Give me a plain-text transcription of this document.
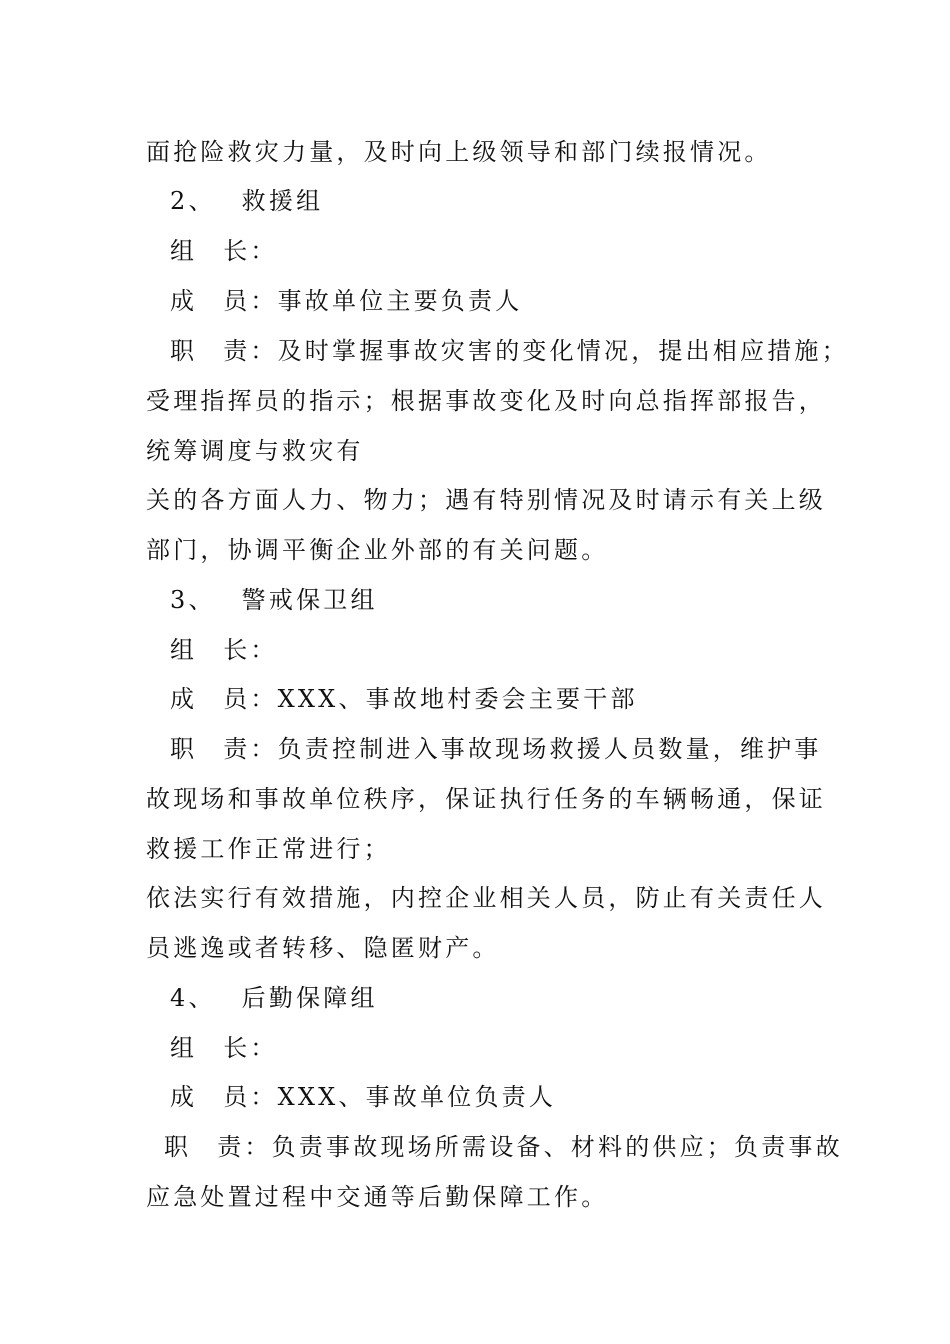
面抢险救灾力量，及时向上级领导和部门续报情况。
2、 救援组
组 长：
成 员：事故单位主要负责人
职 责：及时掌握事故灾害的变化情况，提出相应措施；
受理指挥员的指示；根据事故变化及时向总指挥部报告，
统筹调度与救灾有
关的各方面人力、物力；遇有特别情况及时请示有关上级
部门，协调平衡企业外部的有关问题。
3、 警戒保卫组
组 长：
成 员：XXX、事故地村委会主要干部
职 责：负责控制进入事故现场救援人员数量，维护事
故现场和事故单位秩序，保证执行任务的车辆畅通，保证
救援工作正常进行；
依法实行有效措施，内控企业相关人员，防止有关责任人
员逃逸或者转移、隐匿财产。
4、 后勤保障组
组 长：
成 员：XXX、事故单位负责人
职 责：负责事故现场所需设备、材料的供应；负责事故
应急处置过程中交通等后勤保障工作。
